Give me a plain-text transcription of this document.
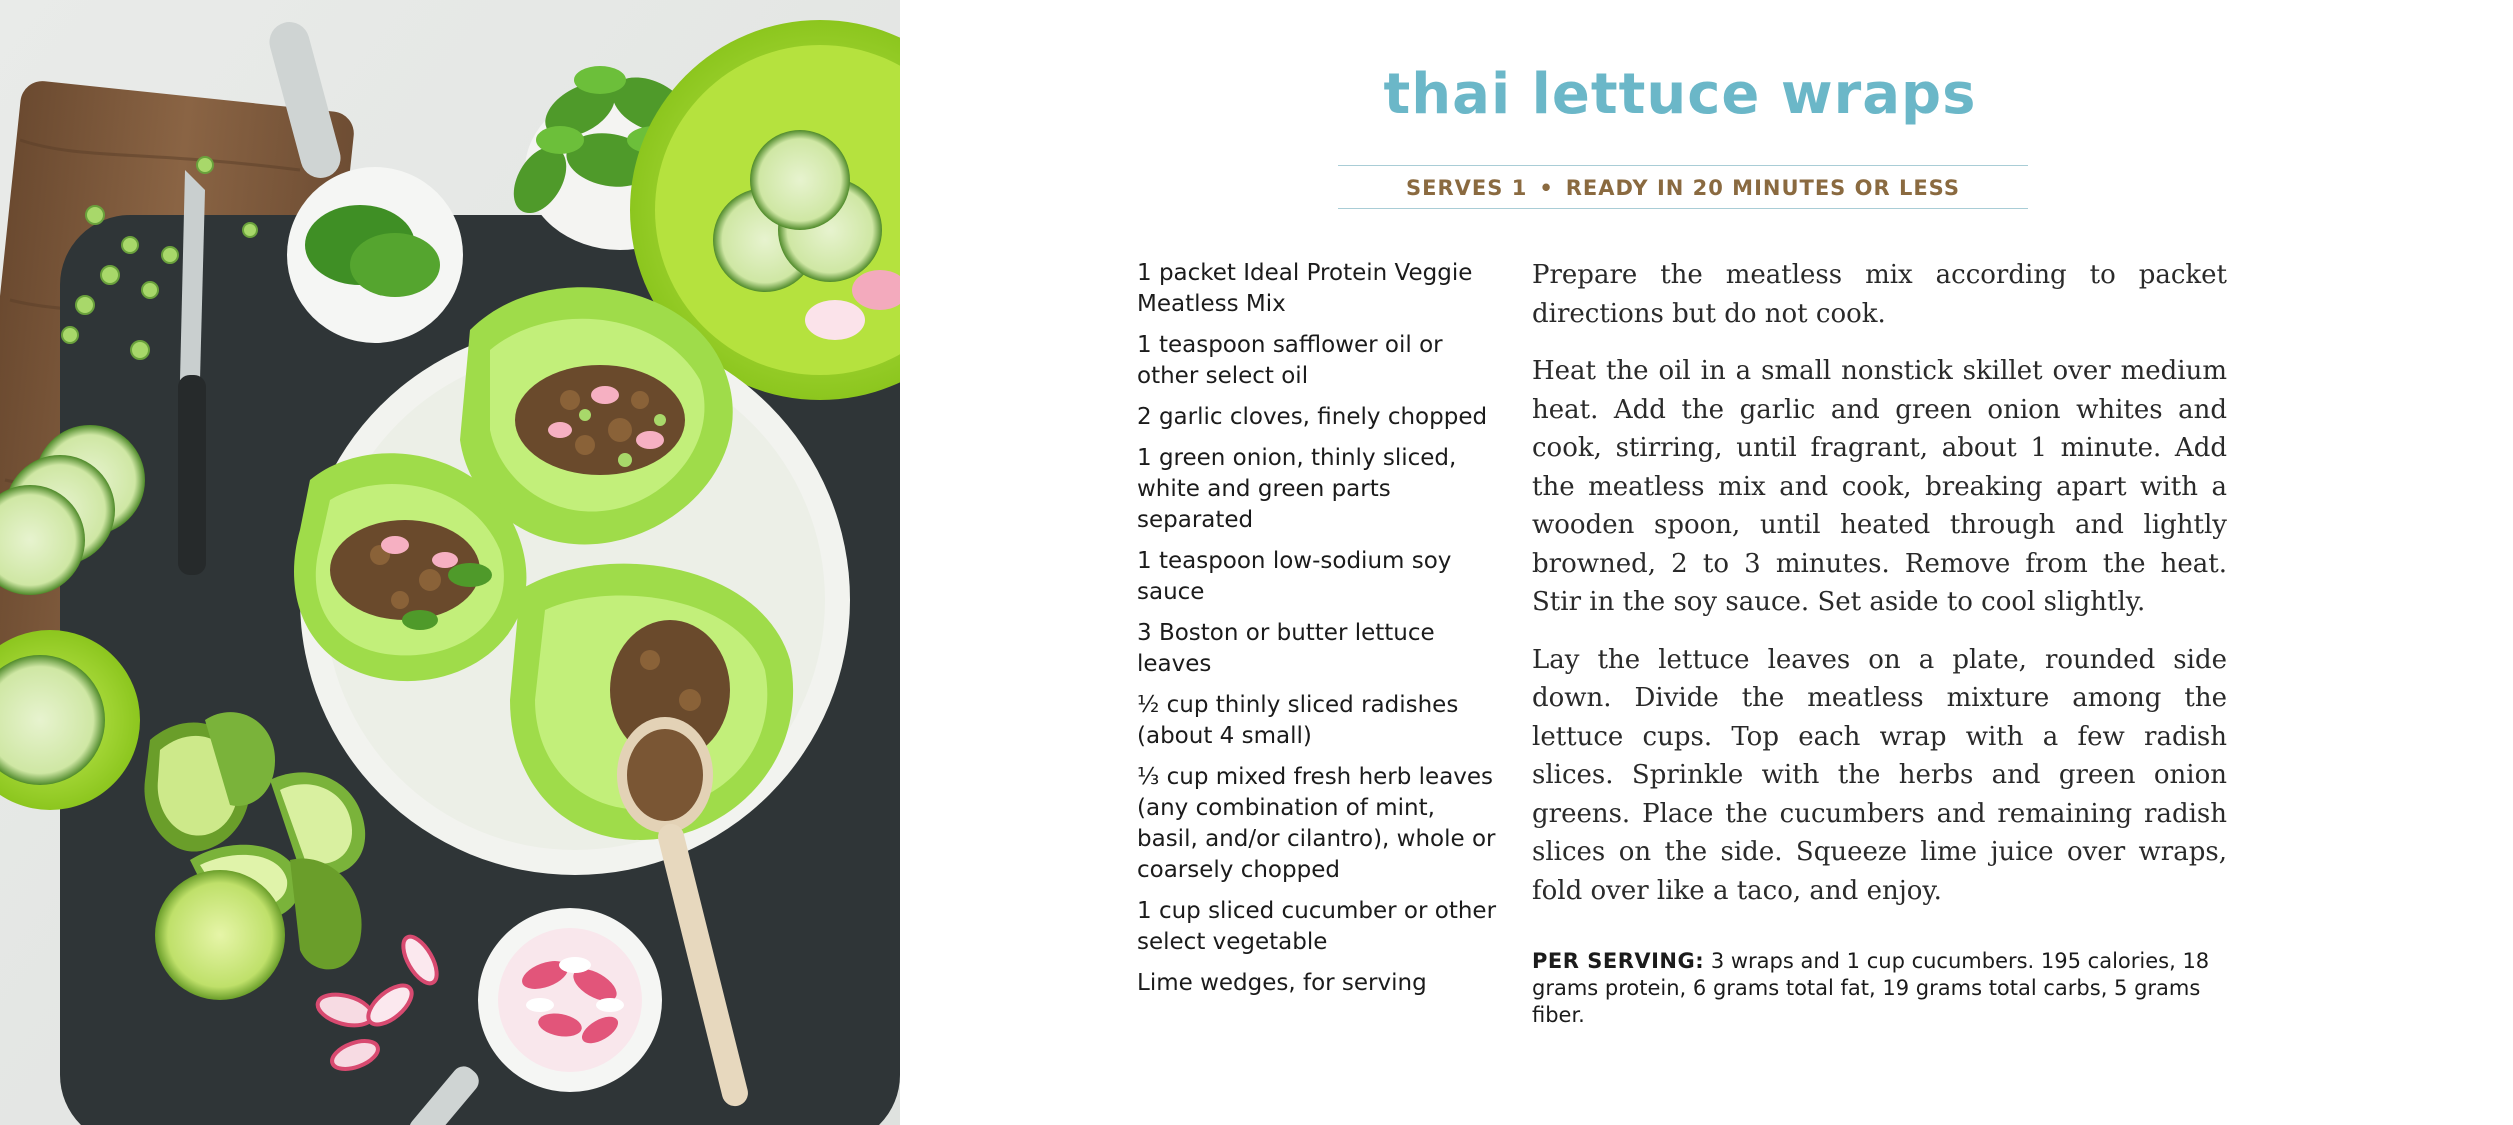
thai lettuce wraps
SERVES 1 • READY IN 20 MINUTES OR LESS
1 packet Ideal Protein Veggie Meatless Mix
1 teaspoon safflower oil or other select oil
2 garlic cloves, finely chopped
1 green onion, thinly sliced, white and green parts separated
1 teaspoon low-sodium soy sauce
3 Boston or butter lettuce leaves
½ cup thinly sliced radishes (about 4 small)
⅓ cup mixed fresh herb leaves (any combination of mint, basil, and/or cilantro), whole or coarsely chopped
1 cup sliced cucumber or other select vegetable
Lime wedges, for serving

Prepare the meatless mix according to packet directions but do not cook.

Heat the oil in a small nonstick skillet over medium heat. Add the garlic and green onion whites and cook, stirring, until fragrant, about 1 minute. Add the meatless mix and cook, breaking apart with a wooden spoon, until heated through and lightly browned, 2 to 3 minutes. Remove from the heat. Stir in the soy sauce. Set aside to cool slightly.

Lay the lettuce leaves on a plate, rounded side down. Divide the meatless mixture among the lettuce cups. Top each wrap with a few radish slices. Sprinkle with the herbs and green onion greens. Place the cucumbers and remaining radish slices on the side. Squeeze lime juice over wraps, fold over like a taco, and enjoy.

PER SERVING: 3 wraps and 1 cup cucumbers. 195 calories, 18 grams protein, 6 grams total fat, 19 grams total carbs, 5 grams fiber.
